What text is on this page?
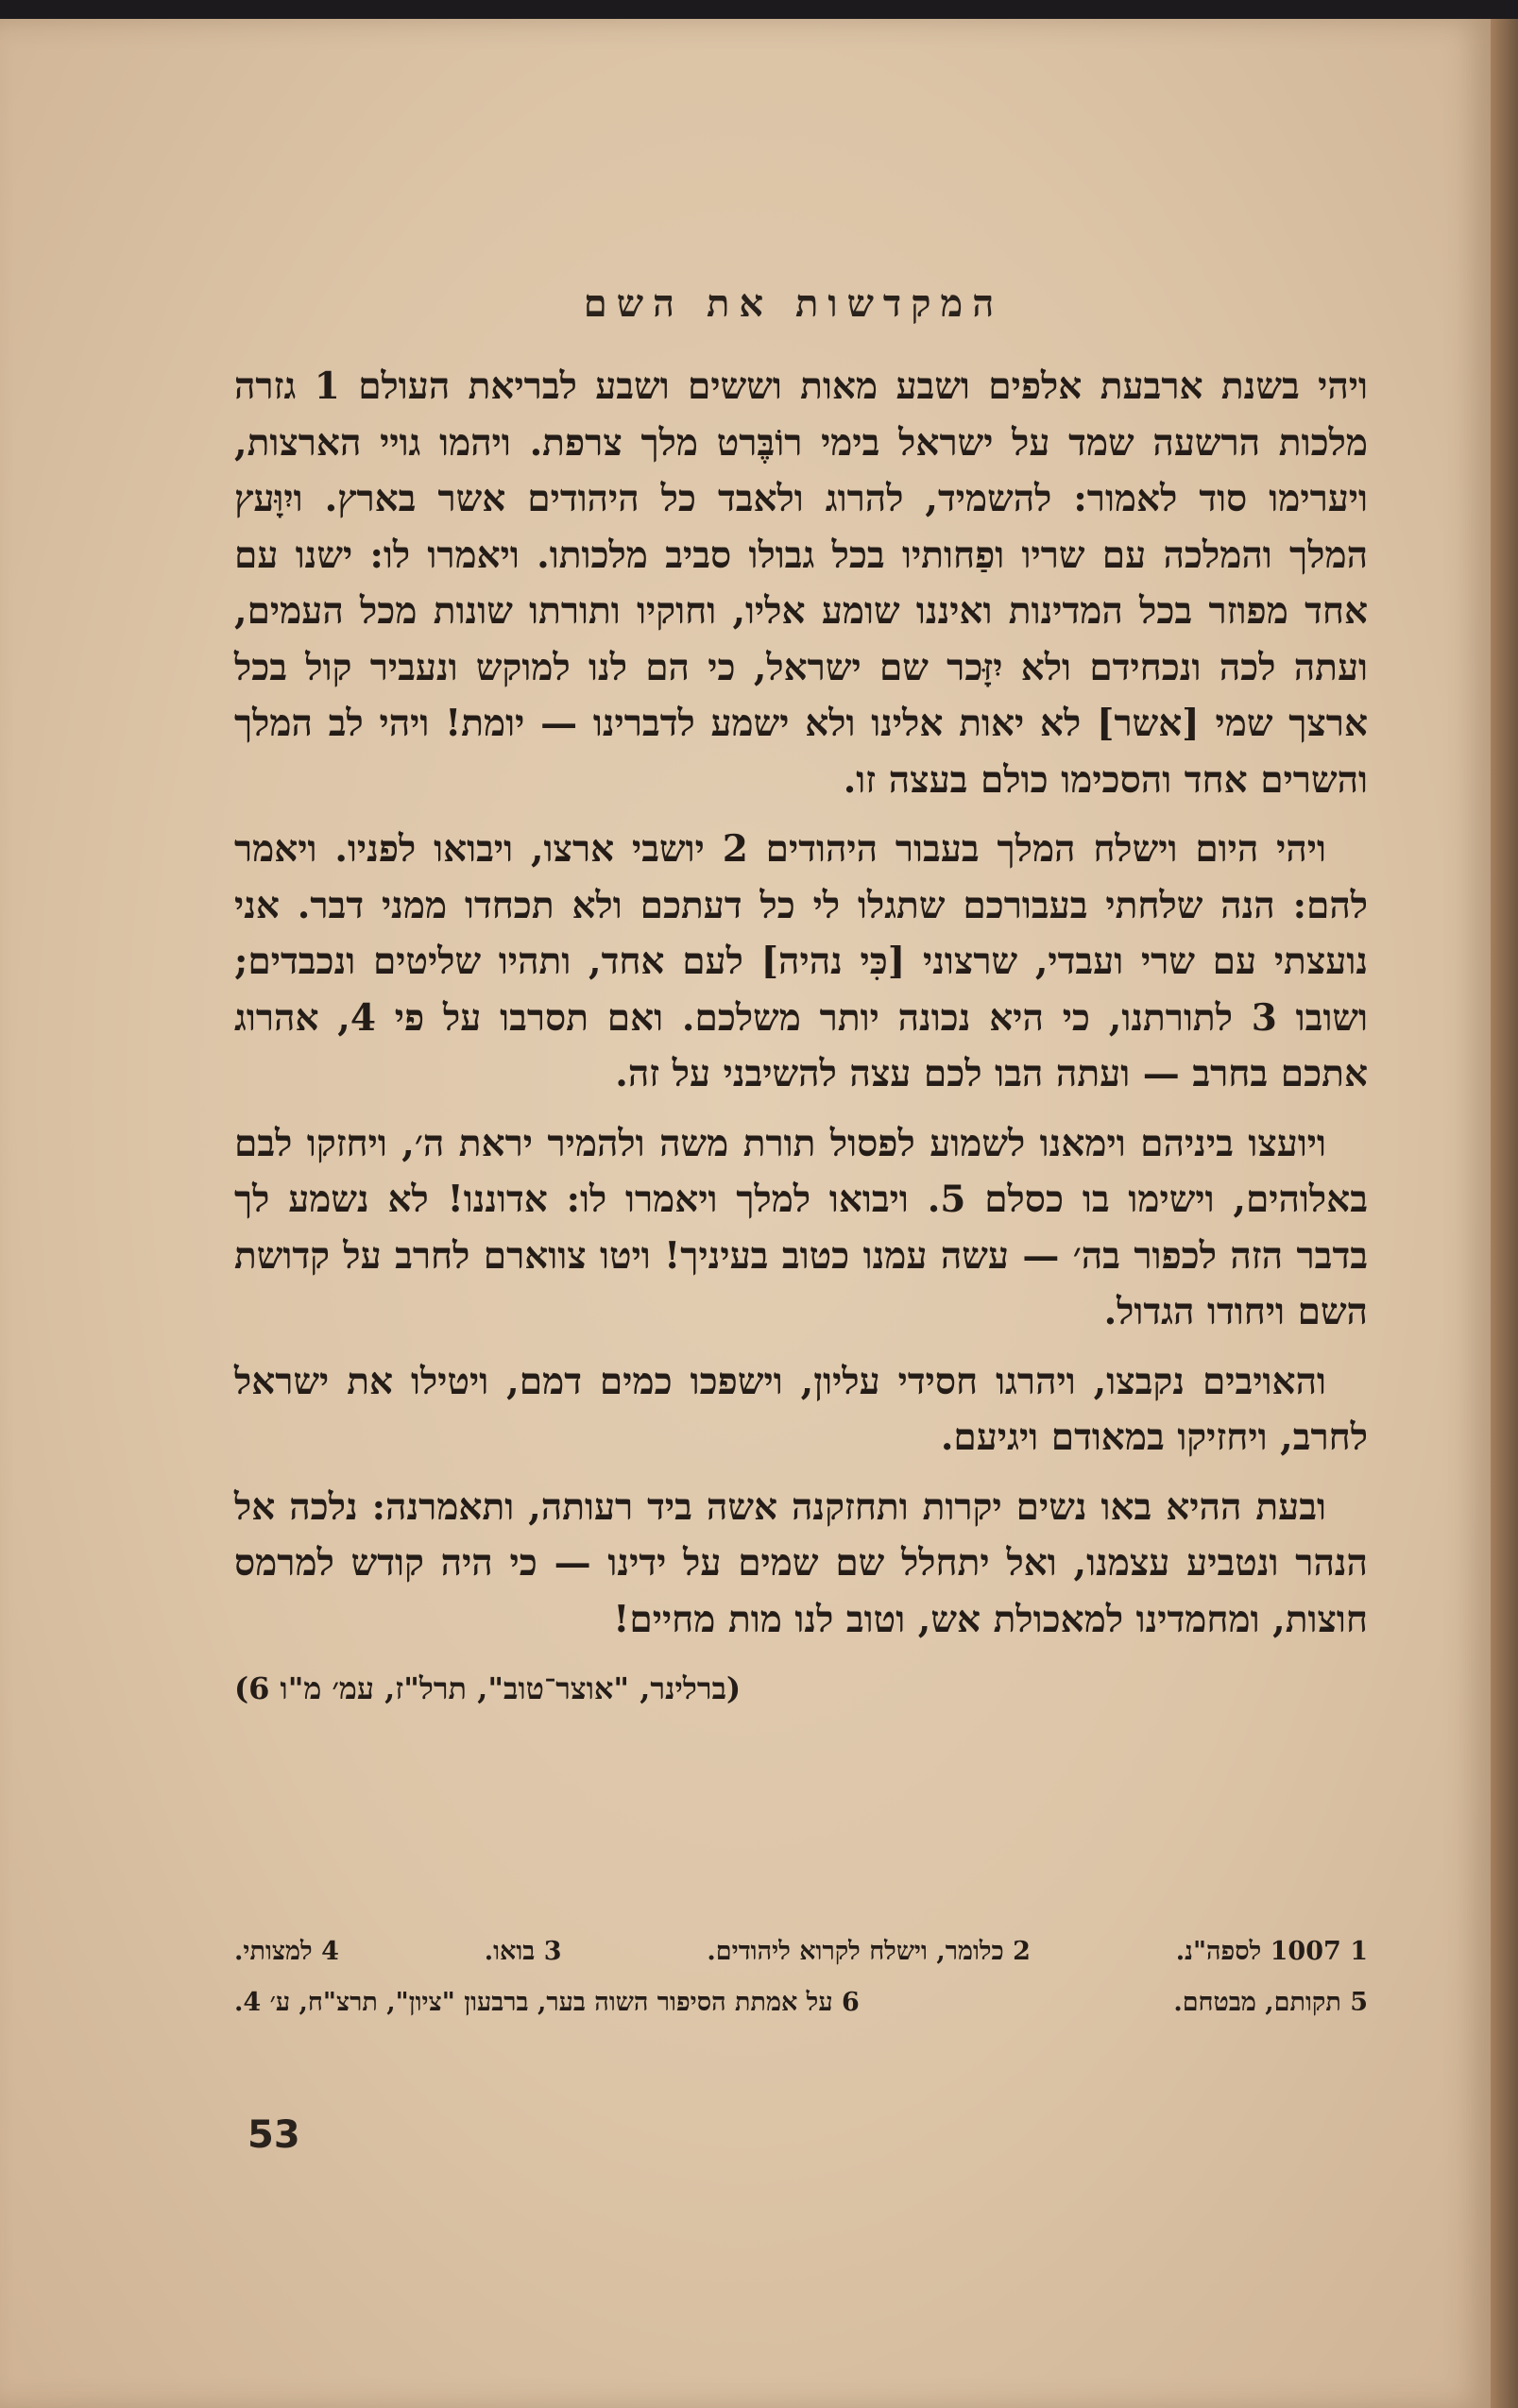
המקדשות את השם

ויהי בשנת ארבעת אלפים ושבע מאות וששים ושבע לבריאת העולם 1 גזרה מלכות הרשעה שמד על ישראל בימי רוֹבֶּרט מלך צרפת. ויהמו גויי הארצות, ויערימו סוד לאמור: להשמיד, להרוג ולאבד כל היהודים אשר בארץ. ויִוָּעץ המלך והמלכה עם שריו ופַחותיו בכל גבולו סביב מלכותו. ויאמרו לו: ישנו עם אחד מפוזר בכל המדינות ואיננו שומע אליו, וחוקיו ותורתו שונות מכל העמים, ועתה לכה ונכחידם ולא יִזָּכר שם ישראל, כי הם לנו למוקש ונעביר קול בכל ארצך שמי [אשר] לא יאות אלינו ולא ישמע לדברינו — יומת! ויהי לב המלך והשרים אחד והסכימו כולם בעצה זו.

ויהי היום וישלח המלך בעבור היהודים 2 יושבי ארצו, ויבואו לפניו. ויאמר להם: הנה שלחתי בעבורכם שתגלו לי כל דעתכם ולא תכחדו ממני דבר. אני נועצתי עם שרי ועבדי, שרצוני [כִּי נהיה] לעם אחד, ותהיו שליטים ונכבדים; ושובו 3 לתורתנו, כי היא נכונה יותר משלכם. ואם תסרבו על פי 4, אהרוג אתכם בחרב — ועתה הבו לכם עצה להשיבני על זה.

ויועצו ביניהם וימאנו לשמוע לפסול תורת משה ולהמיר יראת ה׳, ויחזקו לבם באלוהים, וישימו בו כסלם 5. ויבואו למלך ויאמרו לו: אדוננו! לא נשמע לך בדבר הזה לכפור בה׳ — עשה עמנו כטוב בעיניך! ויטו צווארם לחרב על קדושת השם ויחודו הגדול.

והאויבים נקבצו, ויהרגו חסידי עליון, וישפכו כמים דמם, ויטילו את ישראל לחרב, ויחזיקו במאודם ויגיעם.

ובעת ההיא באו נשים יקרות ותחזקנה אשה ביד רעותה, ותאמרנה: נלכה אל הנהר ונטביע עצמנו, ואל יתחלל שם שמים על ידינו — כי היה קודש למרמס חוצות, ומחמדינו למאכולת אש, וטוב לנו מות מחיים!

(ברלינר, "אוצר־טוב", תרל"ז, עמ׳ מ"ו 6)
1 1007 לספה"נ.
2 כלומר, וישלח לקרוא ליהודים.
3 בואו.
4 למצותי.
5 תקותם, מבטחם.
6 על אמתת הסיפור השוה בער, ברבעון "ציון", תרצ"ח, ע׳ 4.
53
